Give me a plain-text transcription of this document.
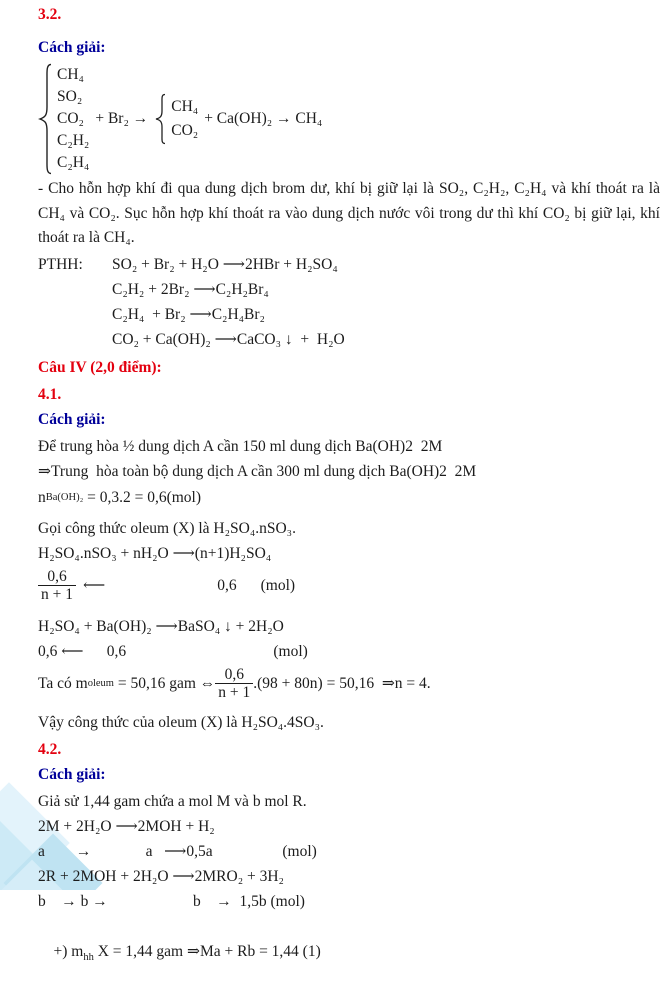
3.2.
Cách giải:
CH₄
SO₂
CO₂
C₂H₂
C₂H₄
+ Br₂ →
CH₄
CO₂
+ Ca(OH)₂ → CH₄
- Cho hỗn hợp khí đi qua dung dịch brom dư, khí bị giữ lại là SO₂, C₂H₂, C₂H₄ và khí thoát ra là CH₄ và CO₂. Sục hỗn hợp khí thoát ra vào dung dịch nước vôi trong dư thì khí CO₂ bị giữ lại, khí thoát ra là CH₄.
PTHH:	SO₂ + Br₂ + H₂O ⟶2HBr + H₂SO₄
C₂H₂ + 2Br₂ ⟶C₂H₂Br₄
C₂H₄  + Br₂ ⟶C₂H₄Br₂
CO₂ + Ca(OH)₂ ⟶CaCO₃ ↓  +  H₂O
Câu IV (2,0 điểm):
4.1.
Cách giải:
Để trung hòa ½ dung dịch A cần 150 ml dung dịch Ba(OH)2  2M
⇒Trung  hòa toàn bộ dung dịch A cần 300 ml dung dịch Ba(OH)2  2M
n Ba(OH)₂ = 0,3.2 = 0,6(mol)
Gọi công thức oleum (X) là H₂SO₄.nSO₃.
H₂SO₄.nSO₃ + nH₂O ⟶(n+1)H₂SO₄
$\frac{0,6}{n + 1}$ ⟵	0,6 (mol)
H₂SO₄ + Ba(OH)₂ ⟶BaSO₄ ↓ + 2H₂O
0,6 ⟵      0,6                                      (mol)
Ta có m oleum = 50,16 gam ⇔ $\frac{0,6}{n + 1} .(98 + 80n) = 50,16$  ⇒n = 4.
Vậy công thức của oleum (X) là H₂SO₄.4SO₃.
4.2.
Cách giải:
Giả sử 1,44 gam chứa a mol M và b mol R.
2M + 2H₂O ⟶2MOH + H₂
a        →              a   ⟶0,5a                  (mol)
2R + 2MOH + 2H₂O ⟶2MRO₂ + 3H₂
b    → b →                      b    →  1,5b (mol)

+) $m_{hh}$ X = 1,44 gam ⇒Ma + Rb = 1,44 (1)
